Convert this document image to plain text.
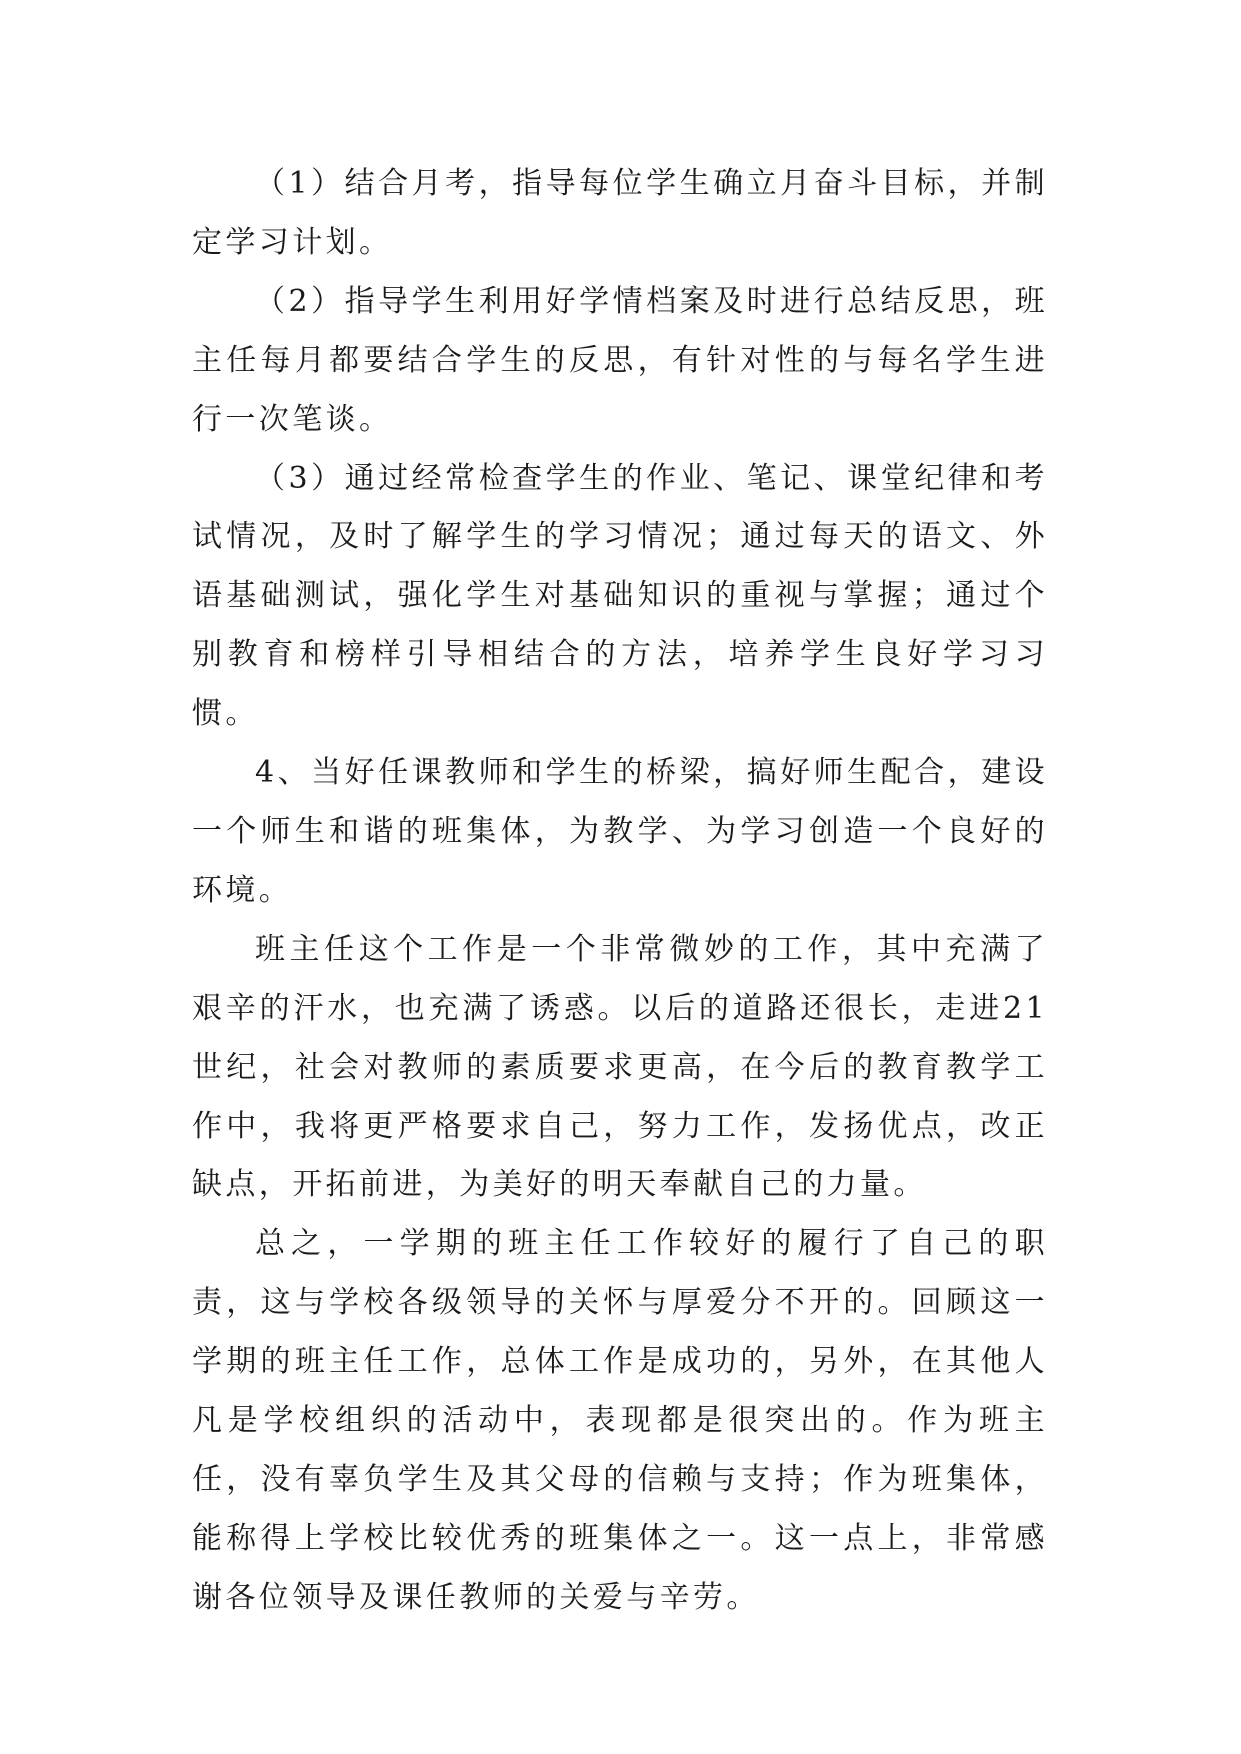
（1）结合月考，指导每位学生确立月奋斗目标，并制定学习计划。

（2）指导学生利用好学情档案及时进行总结反思，班主任每月都要结合学生的反思，有针对性的与每名学生进行一次笔谈。

（3）通过经常检查学生的作业、笔记、课堂纪律和考试情况，及时了解学生的学习情况；通过每天的语文、外语基础测试，强化学生对基础知识的重视与掌握；通过个别教育和榜样引导相结合的方法，培养学生良好学习习惯。

4、当好任课教师和学生的桥梁，搞好师生配合，建设一个师生和谐的班集体，为教学、为学习创造一个良好的环境。

班主任这个工作是一个非常微妙的工作，其中充满了艰辛的汗水，也充满了诱惑。以后的道路还很长，走进21世纪，社会对教师的素质要求更高，在今后的教育教学工作中，我将更严格要求自己，努力工作，发扬优点，改正缺点，开拓前进，为美好的明天奉献自己的力量。

总之，一学期的班主任工作较好的履行了自己的职责，这与学校各级领导的关怀与厚爱分不开的。回顾这一学期的班主任工作，总体工作是成功的，另外，在其他人凡是学校组织的活动中，表现都是很突出的。作为班主任，没有辜负学生及其父母的信赖与支持；作为班集体，能称得上学校比较优秀的班集体之一。这一点上，非常感谢各位领导及课任教师的关爱与辛劳。
